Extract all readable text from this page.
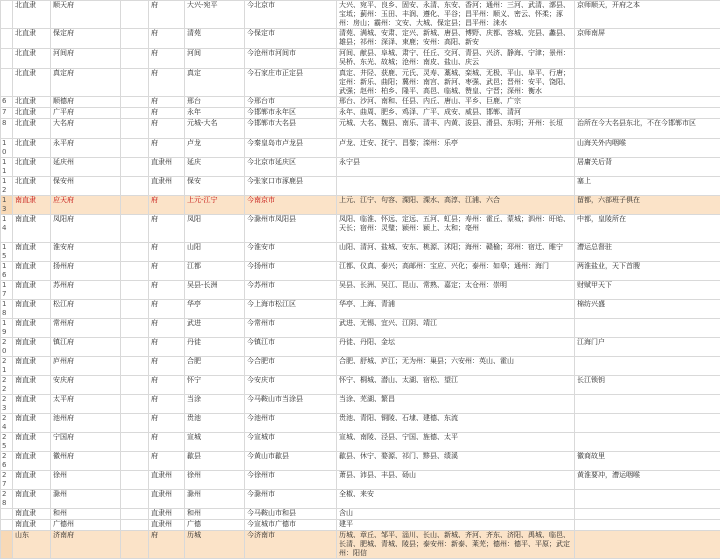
	北直隶	顺天府		府	大兴-宛平	今北京市	大兴、宛平、良乡、固安、永清、东安、香河；通州：三河、武清、漷县、宝坻；蓟州：玉田、丰润、遵化、平谷；昌平州：顺义、密云、怀柔；涿州：房山；霸州：文安、大城、保定县；昌平州：涞水	京师顺天，开府之本
	北直隶	保定府		府	清苑	今保定市	清苑、满城、安肃、定兴、新城、唐县、博野、庆都、容城、完县、蠡县、雄县；祁州：深泽、束鹿；安州：高阳、新安	京师南屏
	北直隶	河间府		府	河间	今沧州市河间市	河间、献县、阜城、肃宁、任丘、交河、青县、兴济、静海、宁津；景州：吴桥、东光、故城；沧州：南皮、盐山、庆云	
	北直隶	真定府		府	真定	今石家庄市正定县	真定、井陉、获鹿、元氏、灵寿、藁城、栾城、无极、平山、阜平、行唐；定州：新乐、曲阳；冀州：南宫、新河、枣强、武邑；晋州：安平、饶阳、武强；赵州：柏乡、隆平、高邑、临城、赞皇、宁晋；深州：衡水	
6	北直隶	顺德府		府	邢台	今邢台市	邢台、沙河、南和、任县、内丘、唐山、平乡、巨鹿、广宗	
7	北直隶	广平府		府	永年	今邯郸市永年区	永年、曲周、肥乡、鸡泽、广平、成安、威县、邯郸、清河	
8	北直隶	大名府		府	元城-大名	今邯郸市大名县	元城、大名、魏县、南乐、清丰、内黄、浚县、滑县、东明；开州：长垣	治所在今大名县东北，不在今邯郸市区
10	北直隶	永平府		府	卢龙	今秦皇岛市卢龙县	卢龙、迁安、抚宁、昌黎；滦州：乐亭	山海关外内咽喉
11	北直隶	延庆州		直隶州	延庆	今北京市延庆区	永宁县	居庸关后背
12	北直隶	保安州		直隶州	保安	今张家口市涿鹿县		塞上
13	南直隶	应天府		府	上元-江宁	今南京市	上元、江宁、句容、溧阳、溧水、高淳、江浦、六合	留都，六部班子俱在
14	南直隶	凤阳府		府	凤阳	今滁州市凤阳县	凤阳、临淮、怀远、定远、五河、虹县；寿州：霍丘、蒙城；泗州：盱眙、天长；宿州：灵璧；颍州：颍上、太和；亳州	中都，皇陵所在
15	南直隶	淮安府		府	山阳	今淮安市	山阳、清河、盐城、安东、桃源、沭阳；海州：赣榆；邳州：宿迁、睢宁	漕运总督驻
16	南直隶	扬州府		府	江都	今扬州市	江都、仪真、泰兴；高邮州：宝应、兴化；泰州：如皋；通州：海门	两淮盐业，天下首膄
17	南直隶	苏州府		府	吴县-长洲	今苏州市	吴县、长洲、吴江、昆山、常熟、嘉定；太仓州：崇明	财赋甲天下
18	南直隶	松江府		府	华亭	今上海市松江区	华亭、上海、青浦	棉纺兴盛
19	南直隶	常州府		府	武进	今常州市	武进、无锡、宜兴、江阴、靖江	
20	南直隶	镇江府		府	丹徒	今镇江市	丹徒、丹阳、金坛	江海门户
21	南直隶	庐州府		府	合肥	今合肥市	合肥、舒城、庐江；无为州：巢县；六安州：英山、霍山	
22	南直隶	安庆府		府	怀宁	今安庆市	怀宁、桐城、潜山、太湖、宿松、望江	长江锁钥
23	南直隶	太平府		府	当涂	今马鞍山市当涂县	当涂、芜湖、繁昌	
24	南直隶	池州府		府	贵池	今池州市	贵池、青阳、铜陵、石埭、建德、东流	
25	南直隶	宁国府		府	宣城	今宣城市	宣城、南陵、泾县、宁国、旌德、太平	
26	南直隶	徽州府		府	歙县	今黄山市歙县	歙县、休宁、婺源、祁门、黟县、绩溪	徽商故里
27	南直隶	徐州		直隶州	徐州	今徐州市	萧县、沛县、丰县、砀山	黄淮要冲，漕运咽喉
28	南直隶	滁州		直隶州	滁州	今滁州市	全椒、来安	
	南直隶	和州		直隶州	和州	今马鞍山市和县	含山	
	南直隶	广德州		直隶州	广德	今宣城市广德市	建平	
	山东	济南府		府	历城	今济南市	历城、章丘、邹平、淄川、长山、新城、齐河、齐东、济阳、禹城、临邑、长清、肥城、青城、陵县；泰安州：新泰、莱芜；德州：德平、平原；武定州：阳信	
